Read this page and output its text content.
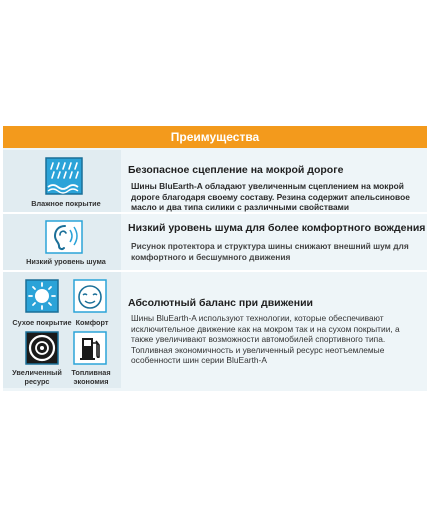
Преимущества
Влажное покрытие
Безопасное сцепление на мокрой дороге
Шины BluEarth-A обладают увеличенным сцеплением на мокрой дороге благодаря своему составу. Резина содержит апельсиновое масло и два типа силики с различными свойствами
Низкий уровень шума
Низкий уровень шума для более комфортного вождения
Рисунок протектора и структура шины снижают внешний шум для комфортного и бесшумного движения
Сухое покрытие Комфорт
Увеличенный ресурс
Топливная экономия
Абсолютный баланс при движении
Шины BluEarth-A используют технологии, которые обеспечивают исключительное движение как на мокром так и на сухом покрытии, а также увеличивают возможности автомобилей спортивного типа. Топливная экономичность и увеличенный ресурс неотъемлемые особенности шин серии BluEarth-A
